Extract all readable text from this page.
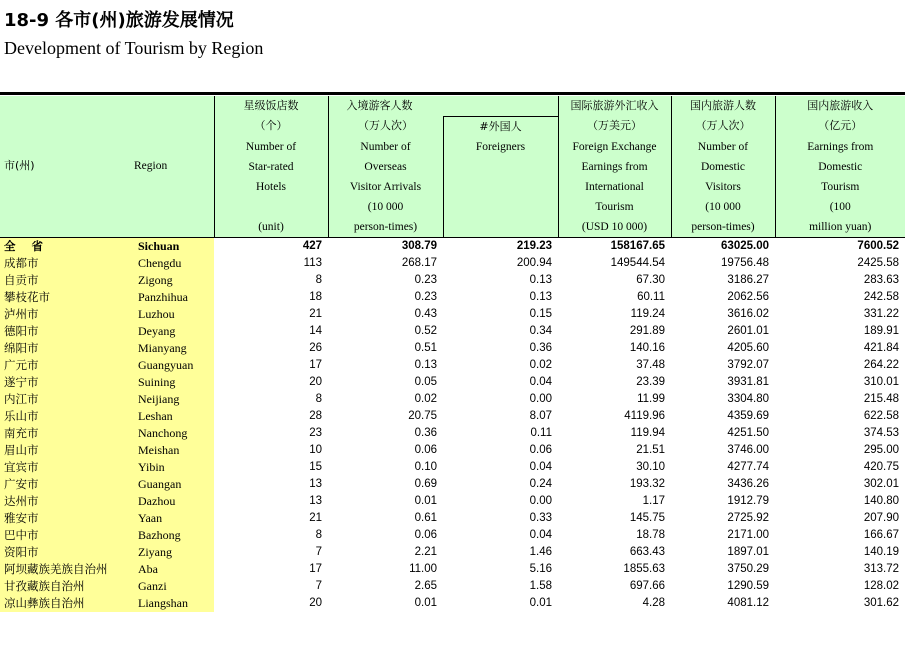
18-9 各市(州)旅游发展情况
Development of Tourism by Region
市(州)	Region	星级饭店数	入境游客人数		国际旅游外汇收入	国内旅游人数	国内旅游收入
		（个）	（万人次）	#外国人	（万美元）	（万人次）	（亿元）
		Number of	Number of	Foreigners	Foreign Exchange	Number of	Earnings from
		Star-rated	Overseas		Earnings from	Domestic	Domestic
		Hotels	Visitor Arrivals		International	Visitors	Tourism
			(10 000		Tourism	(10 000	(100
		(unit)	person-times)		(USD 10 000)	person-times)	million yuan)
全    省	Sichuan	427	308.79	219.23	158167.65	63025.00	7600.52
成都市	Chengdu	113	268.17	200.94	149544.54	19756.48	2425.58
自贡市	Zigong	8	0.23	0.13	67.30	3186.27	283.63
攀枝花市	Panzhihua	18	0.23	0.13	60.11	2062.56	242.58
泸州市	Luzhou	21	0.43	0.15	119.24	3616.02	331.22
德阳市	Deyang	14	0.52	0.34	291.89	2601.01	189.91
绵阳市	Mianyang	26	0.51	0.36	140.16	4205.60	421.84
广元市	Guangyuan	17	0.13	0.02	37.48	3792.07	264.22
遂宁市	Suining	20	0.05	0.04	23.39	3931.81	310.01
内江市	Neijiang	8	0.02	0.00	11.99	3304.80	215.48
乐山市	Leshan	28	20.75	8.07	4119.96	4359.69	622.58
南充市	Nanchong	23	0.36	0.11	119.94	4251.50	374.53
眉山市	Meishan	10	0.06	0.06	21.51	3746.00	295.00
宜宾市	Yibin	15	0.10	0.04	30.10	4277.74	420.75
广安市	Guangan	13	0.69	0.24	193.32	3436.26	302.01
达州市	Dazhou	13	0.01	0.00	1.17	1912.79	140.80
雅安市	Yaan	21	0.61	0.33	145.75	2725.92	207.90
巴中市	Bazhong	8	0.06	0.04	18.78	2171.00	166.67
资阳市	Ziyang	7	2.21	1.46	663.43	1897.01	140.19
阿坝藏族羌族自治州	Aba	17	11.00	5.16	1855.63	3750.29	313.72
甘孜藏族自治州	Ganzi	7	2.65	1.58	697.66	1290.59	128.02
凉山彝族自治州	Liangshan	20	0.01	0.01	4.28	4081.12	301.62
